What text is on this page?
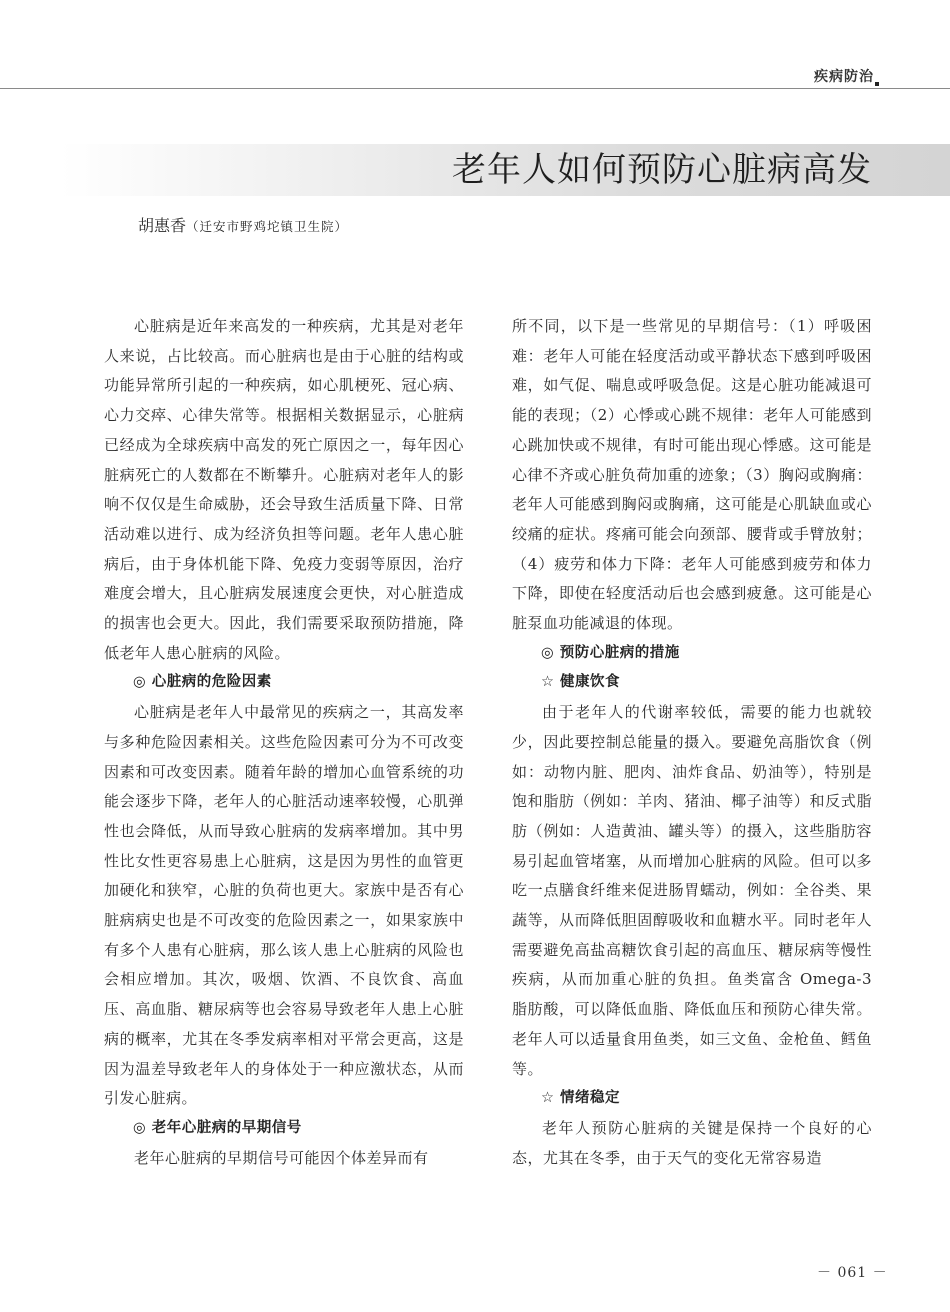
疾病防治
老年人如何预防心脏病高发
胡惠香（迁安市野鸡坨镇卫生院）

心脏病是近年来高发的一种疾病，尤其是对老年人来说，占比较高。而心脏病也是由于心脏的结构或功能异常所引起的一种疾病，如心肌梗死、冠心病、心力交瘁、心律失常等。根据相关数据显示，心脏病已经成为全球疾病中高发的死亡原因之一，每年因心脏病死亡的人数都在不断攀升。心脏病对老年人的影响不仅仅是生命威胁，还会导致生活质量下降、日常活动难以进行、成为经济负担等问题。老年人患心脏病后，由于身体机能下降、免疫力变弱等原因，治疗难度会增大，且心脏病发展速度会更快，对心脏造成的损害也会更大。因此，我们需要采取预防措施，降低老年人患心脏病的风险。

◎ 心脏病的危险因素

心脏病是老年人中最常见的疾病之一，其高发率与多种危险因素相关。这些危险因素可分为不可改变因素和可改变因素。随着年龄的增加心血管系统的功能会逐步下降，老年人的心脏活动速率较慢，心肌弹性也会降低，从而导致心脏病的发病率增加。其中男性比女性更容易患上心脏病，这是因为男性的血管更加硬化和狭窄，心脏的负荷也更大。家族中是否有心脏病病史也是不可改变的危险因素之一，如果家族中有多个人患有心脏病，那么该人患上心脏病的风险也会相应增加。其次，吸烟、饮酒、不良饮食、高血压、高血脂、糖尿病等也会容易导致老年人患上心脏病的概率，尤其在冬季发病率相对平常会更高，这是因为温差导致老年人的身体处于一种应激状态，从而引发心脏病。

◎ 老年心脏病的早期信号

老年心脏病的早期信号可能因个体差异而有

所不同，以下是一些常见的早期信号：（1）呼吸困难：老年人可能在轻度活动或平静状态下感到呼吸困难，如气促、喘息或呼吸急促。这是心脏功能减退可能的表现；（2）心悸或心跳不规律：老年人可能感到心跳加快或不规律，有时可能出现心悸感。这可能是心律不齐或心脏负荷加重的迹象；（3）胸闷或胸痛：老年人可能感到胸闷或胸痛，这可能是心肌缺血或心绞痛的症状。疼痛可能会向颈部、腰背或手臂放射；（4）疲劳和体力下降：老年人可能感到疲劳和体力下降，即使在轻度活动后也会感到疲惫。这可能是心脏泵血功能减退的体现。

◎ 预防心脏病的措施
☆ 健康饮食

由于老年人的代谢率较低，需要的能力也就较少，因此要控制总能量的摄入。要避免高脂饮食（例如：动物内脏、肥肉、油炸食品、奶油等），特别是饱和脂肪（例如：羊肉、猪油、椰子油等）和反式脂肪（例如：人造黄油、罐头等）的摄入，这些脂肪容易引起血管堵塞，从而增加心脏病的风险。但可以多吃一点膳食纤维来促进肠胃蠕动，例如：全谷类、果蔬等，从而降低胆固醇吸收和血糖水平。同时老年人需要避免高盐高糖饮食引起的高血压、糖尿病等慢性疾病，从而加重心脏的负担。鱼类富含 Omega-3 脂肪酸，可以降低血脂、降低血压和预防心律失常。老年人可以适量食用鱼类，如三文鱼、金枪鱼、鳕鱼等。

☆ 情绪稳定

老年人预防心脏病的关键是保持一个良好的心态，尤其在冬季，由于天气的变化无常容易造

－ 061 －
